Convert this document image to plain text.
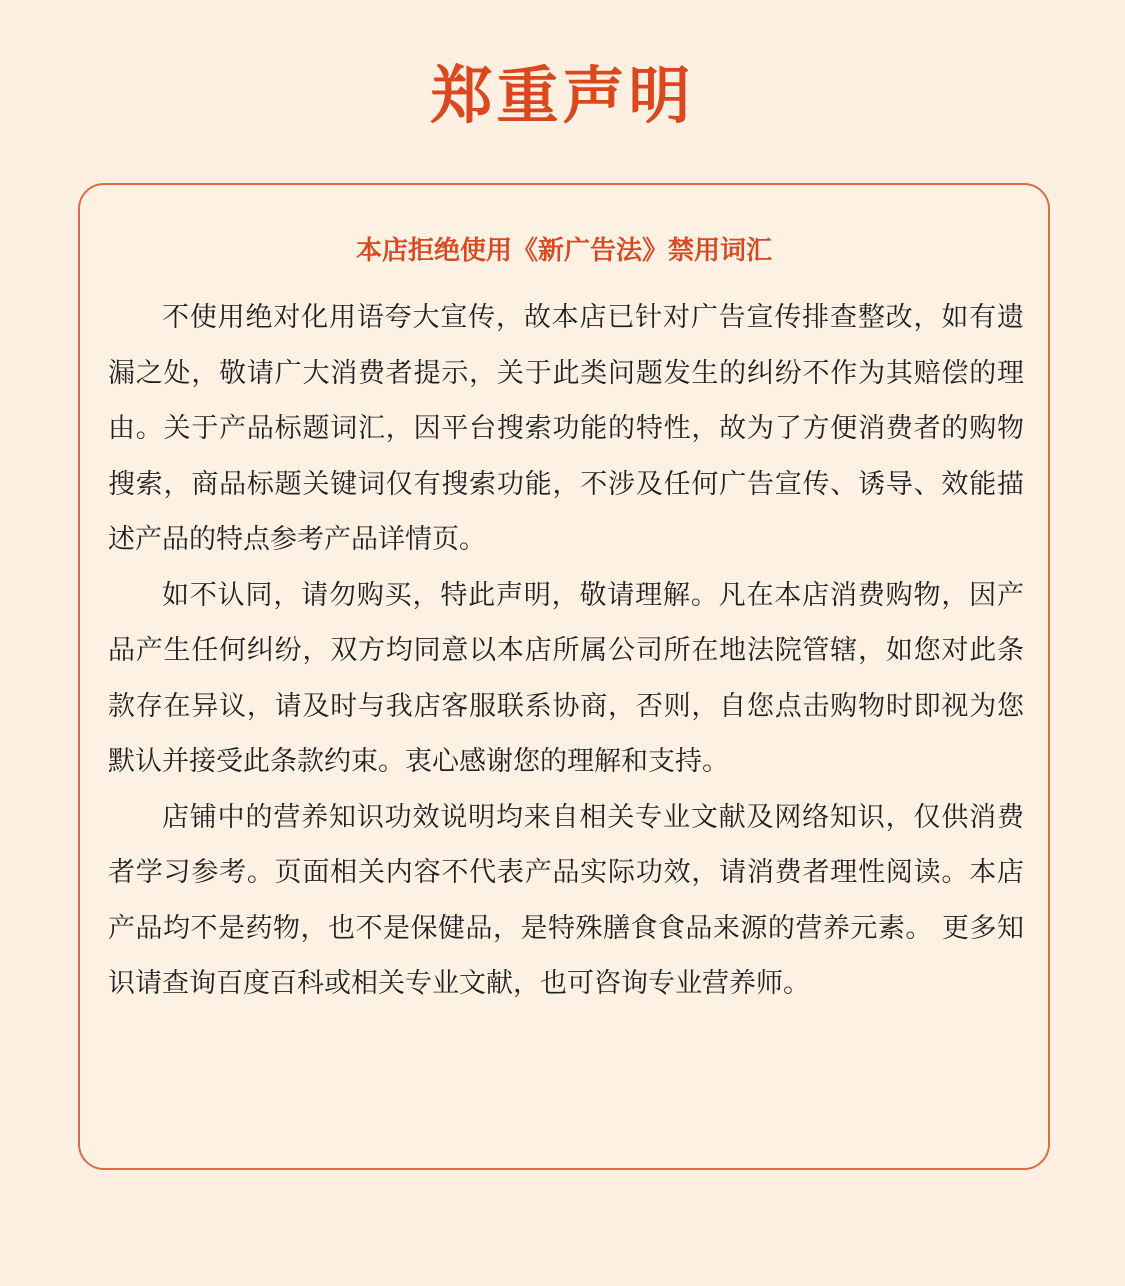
郑重声明
本店拒绝使用《新广告法》禁用词汇

不使用绝对化用语夸大宣传，故本店已针对广告宣传排查整改，如有遗漏之处，敬请广大消费者提示，关于此类问题发生的纠纷不作为其赔偿的理由。关于产品标题词汇，因平台搜索功能的特性，故为了方便消费者的购物搜索，商品标题关键词仅有搜索功能，不涉及任何广告宣传、诱导、效能描述产品的特点参考产品详情页。

如不认同，请勿购买，特此声明，敬请理解。凡在本店消费购物，因产品产生任何纠纷，双方均同意以本店所属公司所在地法院管辖，如您对此条款存在异议，请及时与我店客服联系协商，否则，自您点击购物时即视为您默认并接受此条款约束。衷心感谢您的理解和支持。

店铺中的营养知识功效说明均来自相关专业文献及网络知识，仅供消费者学习参考。页面相关内容不代表产品实际功效，请消费者理性阅读。本店产品均不是药物，也不是保健品，是特殊膳食食品来源的营养元素。 更多知识请查询百度百科或相关专业文献，也可咨询专业营养师。
